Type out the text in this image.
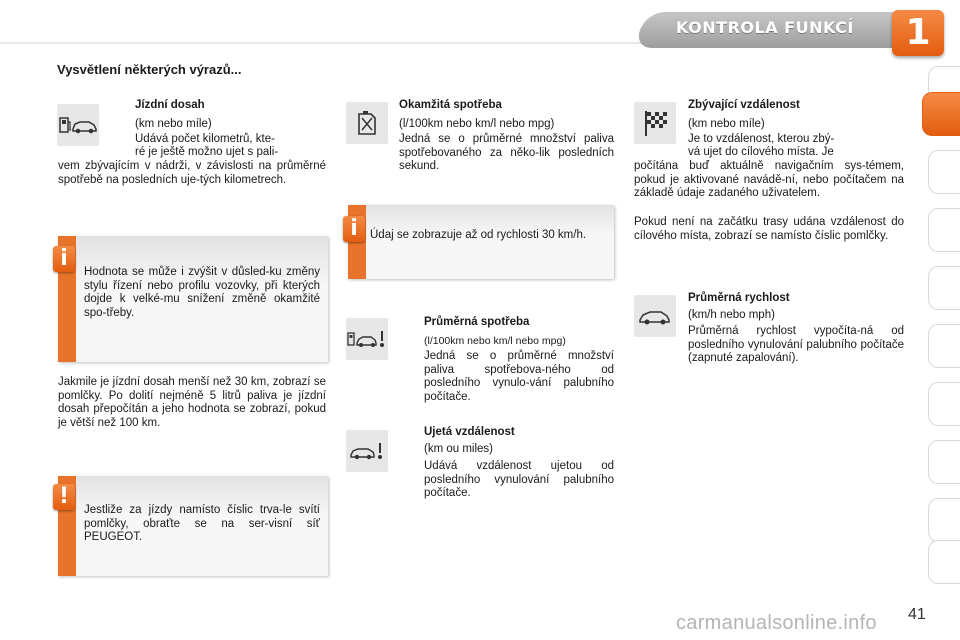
KONTROLA FUNKCÍ	1
Vysvětlení některých výrazů...
Jízdní dosah
(km nebo míle)
Udává počet kilometrů, kte-
ré je ještě možno ujet s pali-
vem zbývajícím v nádrži, v závislosti na průměrné spotřebě na posledních uje-tých kilometrech.
Hodnota se může i zvýšit v důsled-ku změny stylu řízení nebo profilu vozovky, při kterých dojde k velké-mu snížení změně okamžité spo-třeby.
i
Jakmile je jízdní dosah menší než 30 km, zobrazí se pomlčky. Po dolití nejméně 5 litrů paliva je jízdní dosah přepočítán a jeho hodnota se zobrazí, pokud je větší než 100 km.
Jestliže za jízdy namísto číslic trva-le svítí pomlčky, obraťte se na ser-visní síť PEUGEOT.
!
Okamžitá spotřeba
(l/100km nebo km/l nebo mpg)
Jedná se o průměrné množství paliva spotřebovaného za něko-lik posledních sekund.
Údaj se zobrazuje až od rychlosti 30 km/h.
i
Průměrná spotřeba
(l/100km nebo km/l nebo mpg)
Jedná se o průměrné množství paliva spotřebova-ného od posledního vynulo-vání palubního počítače.
Ujetá vzdálenost
(km ou miles)
Udává vzdálenost ujetou od posledního vynulování palubního počítače.
Zbývající vzdálenost
(km nebo míle)
Je to vzdálenost, kterou zbý-
vá ujet do cílového místa. Je
počítána buď aktuálně navigačním sys-témem, pokud je aktivované navádě-ní, nebo počítačem na základě údaje zadaného uživatelem.
Pokud není na začátku trasy udána vzdálenost do cílového místa, zobrazí se namísto číslic pomlčky.
Průměrná rychlost
(km/h nebo mph)
Průměrná rychlost vypočíta-ná od posledního vynulování palubního počítače (zapnuté zapalování).
carmanualsonline.info 41
